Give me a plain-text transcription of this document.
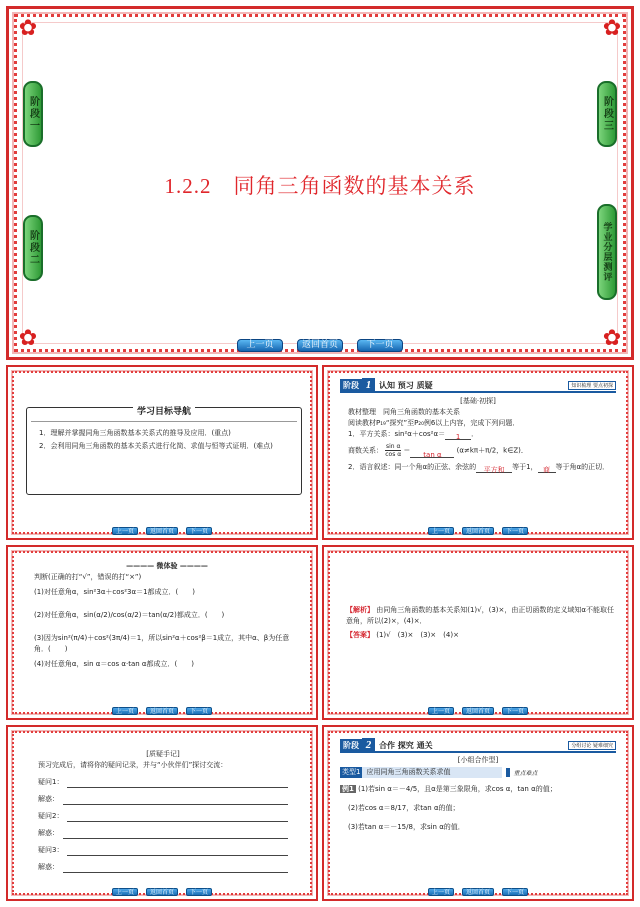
✿	✿
✿	✿
阶段一
阶段二
阶段三
学业分层测评
1.2.2　同角三角函数的基本关系
上一页	返回首页	下一页
学习目标导航
1．理解并掌握同角三角函数基本关系式的推导及应用．(重点)
2．会利用同角三角函数的基本关系式进行化简、求值与恒等式证明．(难点)
上一页	返回首页	下一页
阶段 1 认知 预习 质疑	知识梳理 要点初探
[基础·初探]
教材整理　同角三角函数的基本关系
阅读教材P₁₉“探究”至P₂₀例6以上内容，完成下列问题．
1．平方关系：sin²α＋cos²α＝ 1 ．
商数关系： sin α

cos α ＝tan α (α≠kπ＋π/2，k∈Z)．
2．语言叙述：同一个角α的正弦、余弦的 平方和 等于1， 商 等于角α的正切．
上一页	返回首页	下一页
———— 微体验 ————
判断(正确的打“√”，错误的打“×”)
(1)对任意角α，sin²3α＋cos²3α＝1都成立．(　　)
(2)对任意角α，sin(α/2)/cos(α/2)＝tan(α/2)都成立．(　　)
(3)因为sin²(π/4)＋cos²(3π/4)＝1，所以sin²α＋cos²β＝1成立，其中α、β为任意角．(　　)
(4)对任意角α，sin α＝cos α·tan α都成立．(　　)
上一页	返回首页	下一页
【解析】 由同角三角函数的基本关系知(1)√，(3)×，由正切函数的定义域知α不能取任意角，所以(2)×，(4)×．
【答案】 (1)√　(3)×　(3)×　(4)×
上一页	返回首页	下一页
[质疑手记]
预习完成后，请将你的疑问记录，并与“小伙伴们”探讨交流：
疑问1：
解惑：
疑问2：
解惑：
疑问3：
解惑：
上一页	返回首页	下一页
阶段 2 合作 探究 通关	分组讨论 疑难细究
[小组合作型]
类型1 应用同角三角函数关系求值	重点难点
例1 (1)若sin α＝－4/5，且α是第三象限角，求cos α，tan α的值；
(2)若cos α＝8/17，求tan α的值；
(3)若tan α＝－15/8，求sin α的值．
上一页	返回首页	下一页
